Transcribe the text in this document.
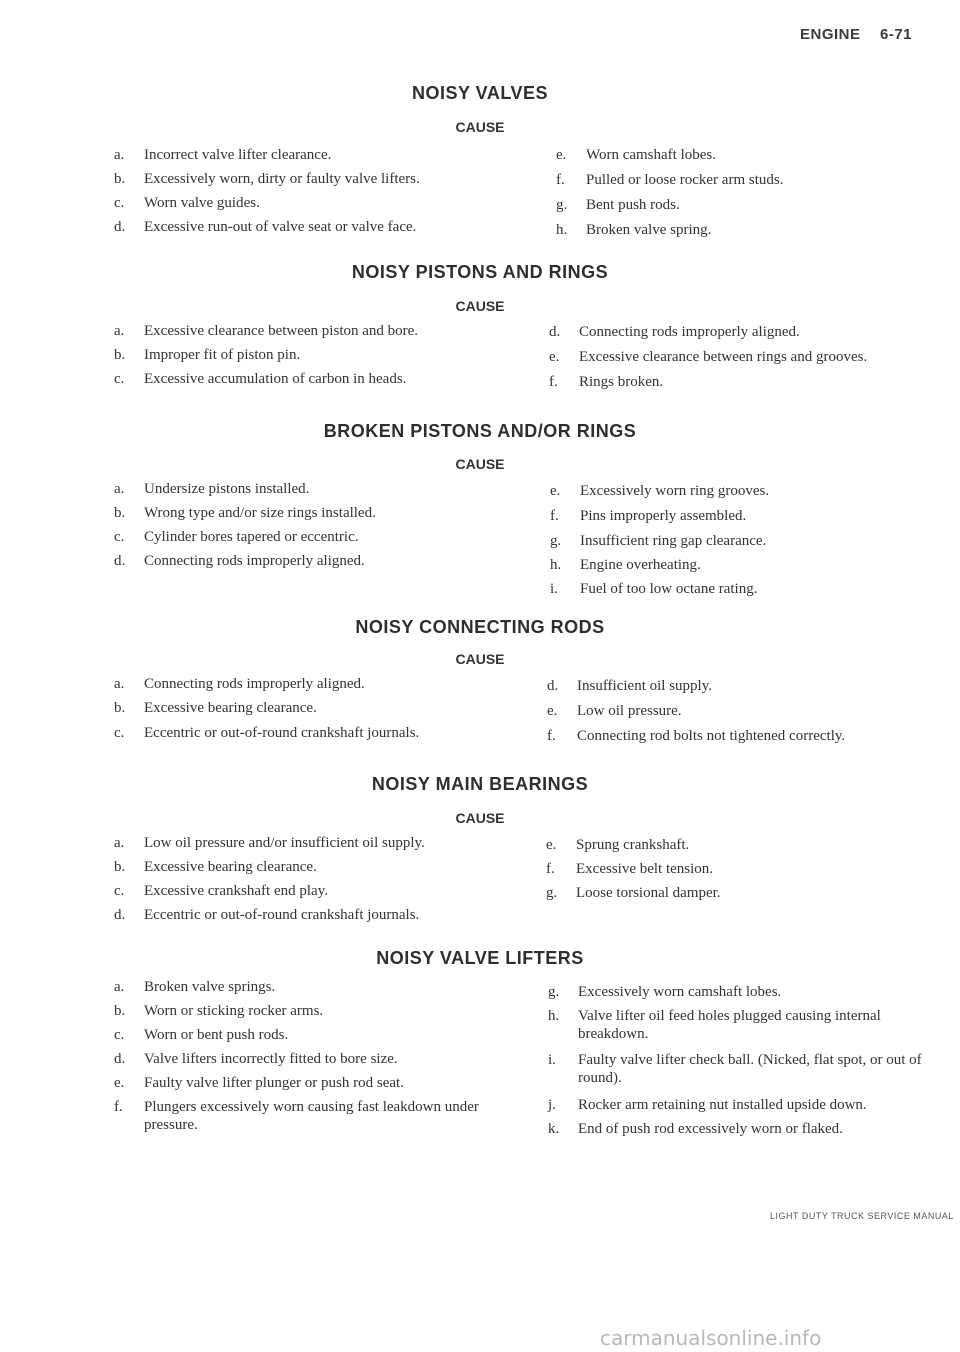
ENGINE 6-71
NOISY VALVES
CAUSE
a. Incorrect valve lifter clearance.
b. Excessively worn, dirty or faulty valve lifters.
c. Worn valve guides.
d. Excessive run-out of valve seat or valve face.
e. Worn camshaft lobes.
f. Pulled or loose rocker arm studs.
g. Bent push rods.
h. Broken valve spring.
NOISY PISTONS AND RINGS
CAUSE
a. Excessive clearance between piston and bore.
b. Improper fit of piston pin.
c. Excessive accumulation of carbon in heads.
d. Connecting rods improperly aligned.
e. Excessive clearance between rings and grooves.
f. Rings broken.
BROKEN PISTONS AND/OR RINGS
CAUSE
a. Undersize pistons installed.
b. Wrong type and/or size rings installed.
c. Cylinder bores tapered or eccentric.
d. Connecting rods improperly aligned.
e. Excessively worn ring grooves.
f. Pins improperly assembled.
g. Insufficient ring gap clearance.
h. Engine overheating.
i. Fuel of too low octane rating.
NOISY CONNECTING RODS
CAUSE
a. Connecting rods improperly aligned.
b. Excessive bearing clearance.
c. Eccentric or out-of-round crankshaft journals.
d. Insufficient oil supply.
e. Low oil pressure.
f. Connecting rod bolts not tightened correctly.
NOISY MAIN BEARINGS
CAUSE
a. Low oil pressure and/or insufficient oil supply.
b. Excessive bearing clearance.
c. Excessive crankshaft end play.
d. Eccentric or out-of-round crankshaft journals.
e. Sprung crankshaft.
f. Excessive belt tension.
g. Loose torsional damper.
NOISY VALVE LIFTERS
a. Broken valve springs.
b. Worn or sticking rocker arms.
c. Worn or bent push rods.
d. Valve lifters incorrectly fitted to bore size.
e. Faulty valve lifter plunger or push rod seat.
f. Plungers excessively worn causing fast leakdown under pressure.
g. Excessively worn camshaft lobes.
h. Valve lifter oil feed holes plugged causing internal breakdown.
i. Faulty valve lifter check ball. (Nicked, flat spot, or out of round).
j. Rocker arm retaining nut installed upside down.
k. End of push rod excessively worn or flaked.
LIGHT DUTY TRUCK SERVICE MANUAL
carmanualsonline.info
